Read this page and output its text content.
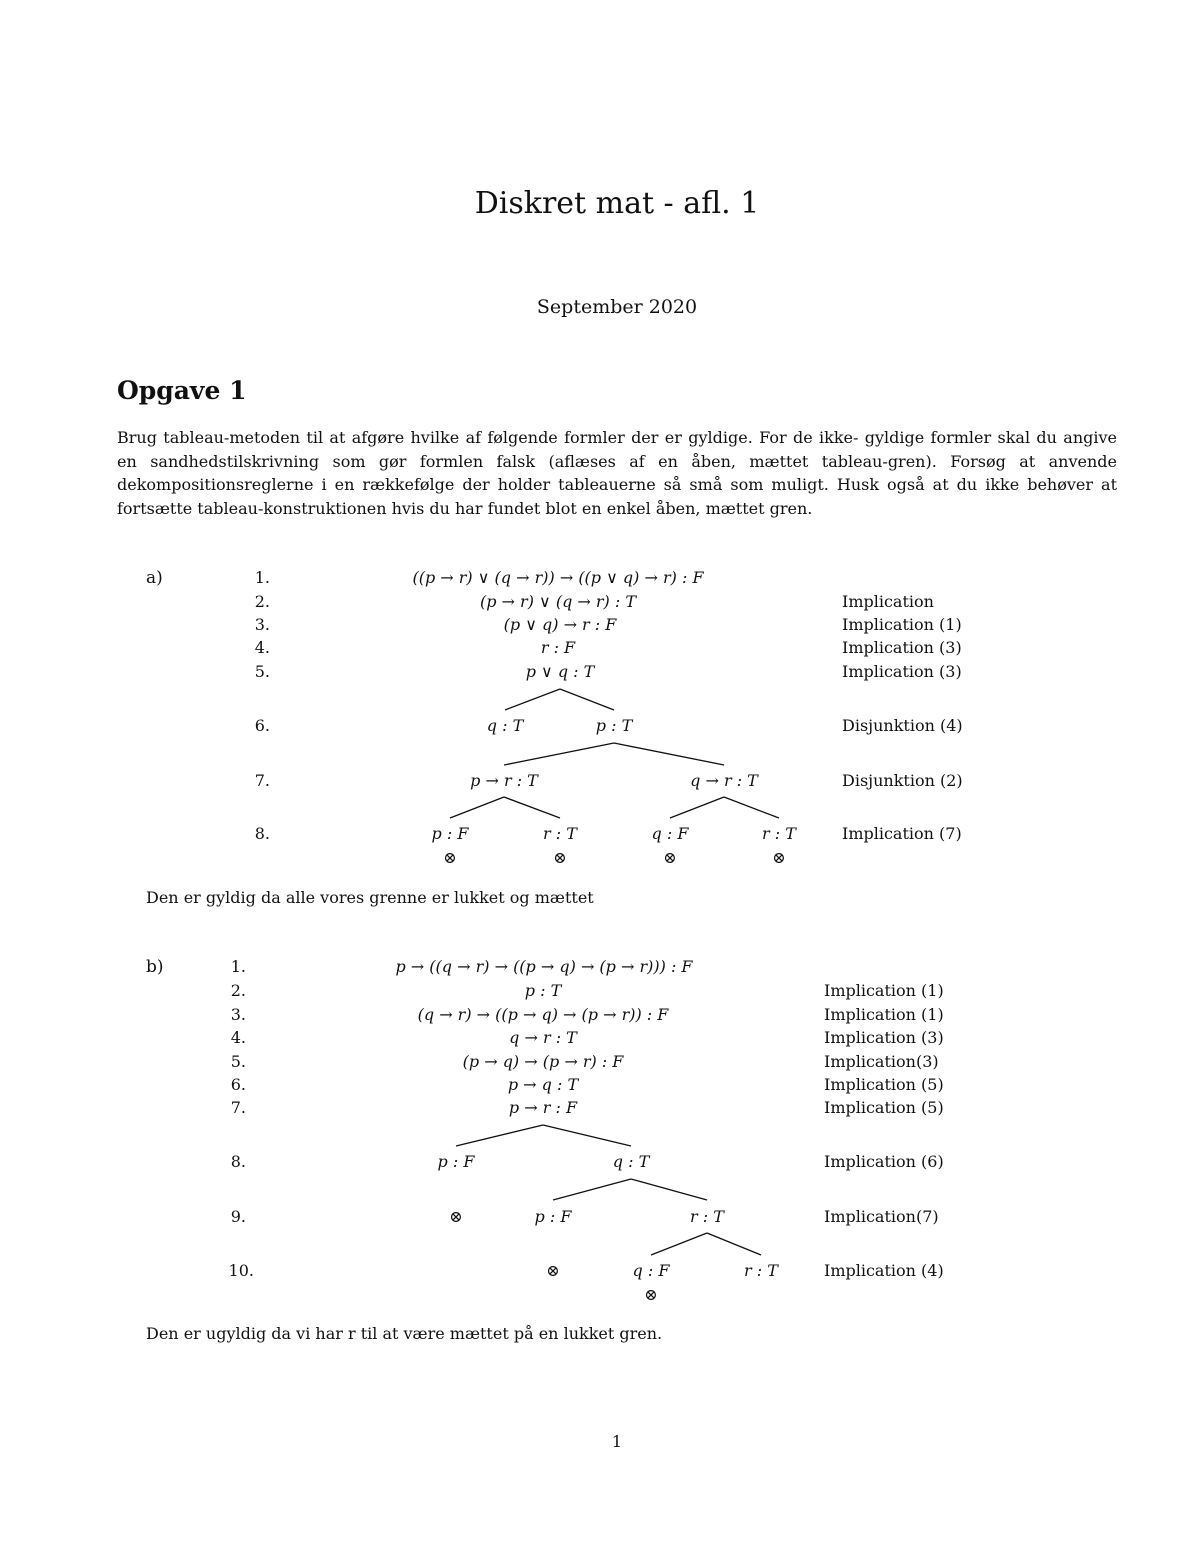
Diskret mat - afl. 1
September 2020
Opgave 1
Brug tableau-metoden til at afgøre hvilke af følgende formler der er gyldige. For de ikke- gyldige formler skal du angive en sandhedstilskrivning som gør formlen falsk (aflæses af en åben, mættet tableau-gren). Forsøg at anvende dekompositionsreglerne i en rækkefølge der holder tableauerne så små som muligt. Husk også at du ikke behøver at fortsætte tableau-konstruktionen hvis du har fundet blot en enkel åben, mættet gren.
a)	1.	((p → r) ∨ (q → r)) → ((p ∨ q) → r) : F
2.	(p → r) ∨ (q → r) : T	Implication
3.	(p ∨ q) → r : F	Implication (1)
4.	r : F	Implication (3)
5.	p ∨ q : T	Implication (3)
6.	q : T	p : T	Disjunktion (4)
7.	p → r : T	q → r : T	Disjunktion (2)
8.	p : F	r : T	q : F	r : T	Implication (7)
⊗	⊗	⊗	⊗
Den er gyldig da alle vores grenne er lukket og mættet
b)	1.	p → ((q → r) → ((p → q) → (p → r))) : F
2.	p : T	Implication (1)
3.	(q → r) → ((p → q) → (p → r)) : F	Implication (1)
4.	q → r : T	Implication (3)
5.	(p → q) → (p → r) : F	Implication(3)
6.	p → q : T	Implication (5)
7.	p → r : F	Implication (5)
8.	p : F	q : T	Implication (6)
9.	⊗	p : F	r : T	Implication(7)
10.	⊗	q : F	r : T	Implication (4)
⊗
Den er ugyldig da vi har r til at være mættet på en lukket gren.
1
